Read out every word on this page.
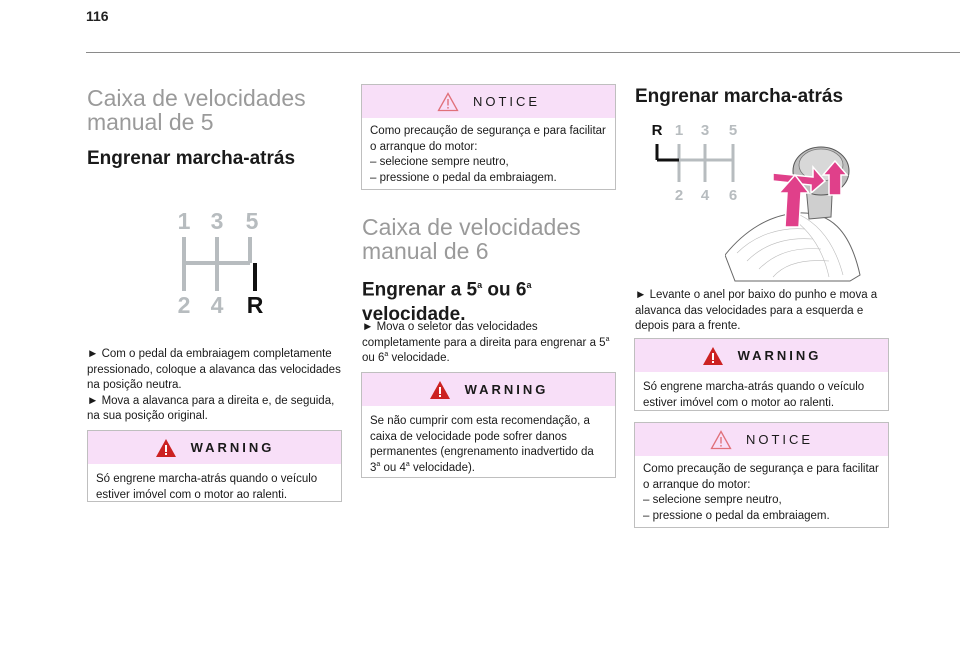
116
Caixa de velocidades
manual de 5
Engrenar marcha-atrás
1 3 5
2 4 R

► Com o pedal da embraiagem completamente pressionado, coloque a alavanca das velocidades na posição neutra.

► Mova a alavanca para a direita e, de seguida, na sua posição original.

WARNING

Só engrene marcha-atrás quando o veículo estiver imóvel com o motor ao ralenti.

NOTICE

Como precaução de segurança e para facilitar o arranque do motor:

– selecione sempre neutro,

– pressione o pedal da embraiagem.

Caixa de velocidades
manual de 6
Engrenar a 5$^a$ ou 6$^a$
velocidade.

► Mova o seletor das velocidades completamente para a direita para engrenar a 5$^a$ ou 6$^a$ velocidade.

WARNING

Se não cumprir com esta recomendação, a caixa de velocidade pode sofrer danos permanentes (engrenamento inadvertido da 3$^a$ ou 4$^a$ velocidade).

Engrenar marcha-atrás
R 1 3 5
2 4 6

► Levante o anel por baixo do punho e mova a alavanca das velocidades para a esquerda e depois para a frente.

WARNING

Só engrene marcha-atrás quando o veículo estiver imóvel com o motor ao ralenti.

NOTICE

Como precaução de segurança e para facilitar o arranque do motor:

– selecione sempre neutro,

– pressione o pedal da embraiagem.
